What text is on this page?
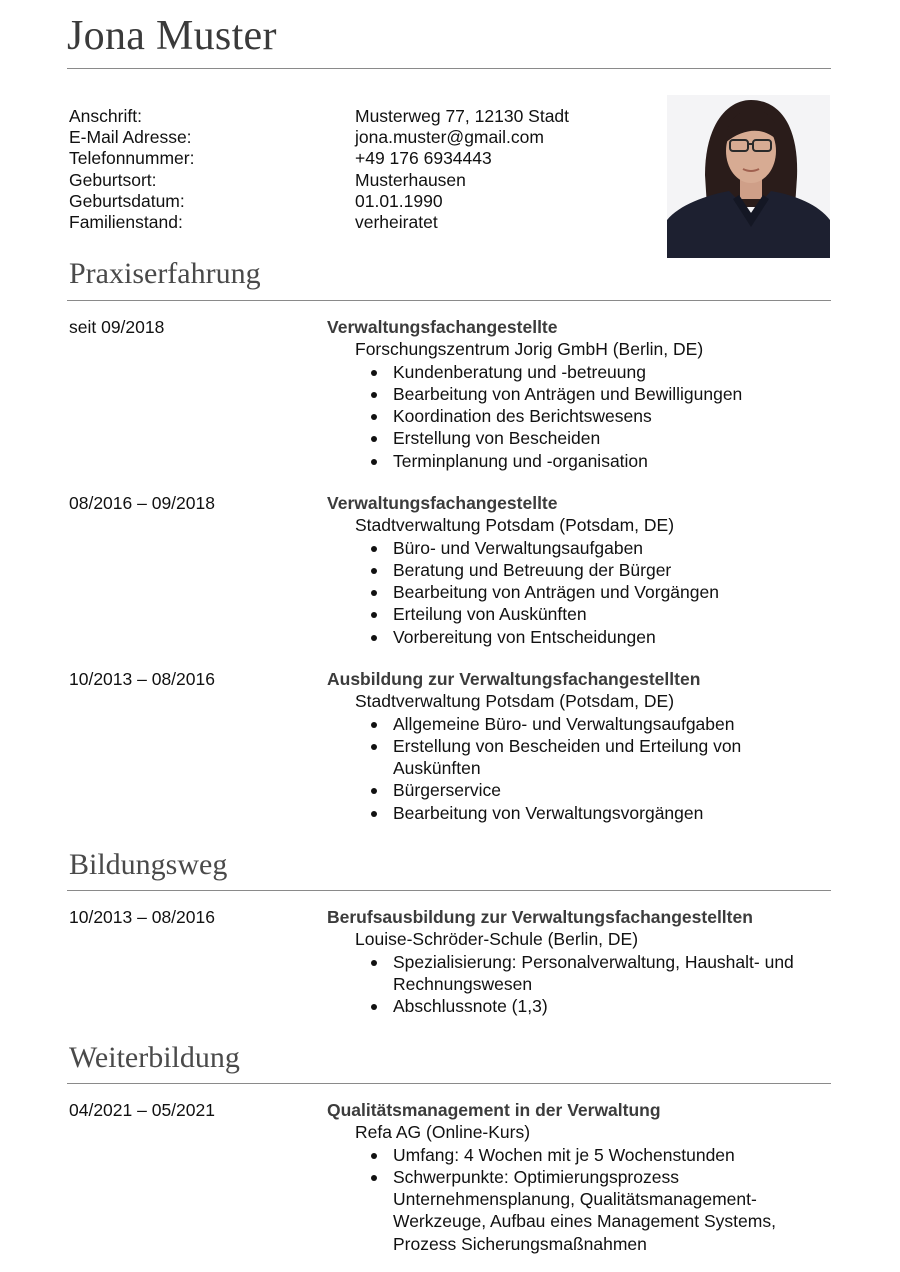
Jona Muster
Anschrift:	Musterweg 77, 12130 Stadt
E-Mail Adresse:	jona.muster@gmail.com
Telefonnummer:	+49 176 6934443
Geburtsort:	Musterhausen
Geburtsdatum:	01.01.1990
Familienstand:	verheiratet
Praxiserfahrung
seit 09/2018	Verwaltungsfachangestellte
Forschungszentrum Jorig GmbH (Berlin, DE)
Kundenberatung und -betreuung
Bearbeitung von Anträgen und Bewilligungen
Koordination des Berichtswesens
Erstellung von Bescheiden
Terminplanung und -organisation
08/2016 – 09/2018	Verwaltungsfachangestellte
Stadtverwaltung Potsdam (Potsdam, DE)
Büro- und Verwaltungsaufgaben
Beratung und Betreuung der Bürger
Bearbeitung von Anträgen und Vorgängen
Erteilung von Auskünften
Vorbereitung von Entscheidungen
10/2013 – 08/2016	Ausbildung zur Verwaltungsfachangestellten
Stadtverwaltung Potsdam (Potsdam, DE)
Allgemeine Büro- und Verwaltungsaufgaben
Erstellung von Bescheiden und Erteilung von Auskünften
Bürgerservice
Bearbeitung von Verwaltungsvorgängen
Bildungsweg
10/2013 – 08/2016	Berufsausbildung zur Verwaltungsfachangestellten
Louise-Schröder-Schule (Berlin, DE)
Spezialisierung: Personalverwaltung, Haushalt- und Rechnungswesen
Abschlussnote (1,3)
Weiterbildung
04/2021 – 05/2021	Qualitätsmanagement in der Verwaltung
Refa AG (Online-Kurs)
Umfang: 4 Wochen mit je 5 Wochenstunden
Schwerpunkte: Optimierungsprozess Unternehmensplanung, Qualitätsmanagement-Werkzeuge, Aufbau eines Management Systems, Prozess Sicherungsmaßnahmen
